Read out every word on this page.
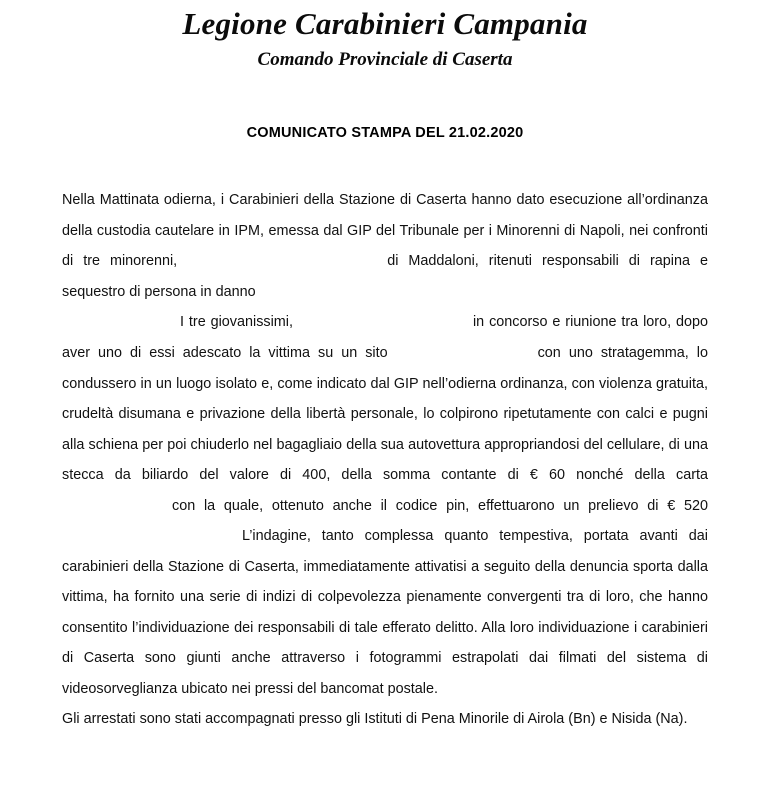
Legione Carabinieri Campania
Comando Provinciale di Caserta
COMUNICATO STAMPA DEL 21.02.2020

Nella Mattinata odierna, i Carabinieri della Stazione di Caserta hanno dato esecuzione all’ordinanza della custodia cautelare in IPM, emessa dal GIP del Tribunale per i Minorenni di Napoli, nei confronti di tre minorenni,	di Maddaloni, ritenuti responsabili di rapina e sequestro di persona in danno

I tre giovanissimi,	in concorso e riunione tra loro, dopo aver uno di essi adescato la vittima su un sito	con uno stratagemma, lo condussero in un luogo isolato e, come indicato dal GIP nell’odierna ordinanza, con violenza gratuita, crudeltà disumana e privazione della libertà personale, lo colpirono ripetutamente con calci e pugni alla schiena per poi chiuderlo nel bagagliaio della sua autovettura appropriandosi del cellulare, di una stecca da biliardo del valore di 400, della somma contante di € 60 nonché della carta con la quale, ottenuto anche il codice pin, effettuarono un prelievo di € 520 L’indagine, tanto complessa quanto tempestiva, portata avanti dai carabinieri della Stazione di Caserta, immediatamente attivatisi a seguito della denuncia sporta dalla vittima, ha fornito una serie di indizi di colpevolezza pienamente convergenti tra di loro, che hanno consentito l’individuazione dei responsabili di tale efferato delitto. Alla loro individuazione i carabinieri di Caserta sono giunti anche attraverso i fotogrammi estrapolati dai filmati del sistema di videosorveglianza ubicato nei pressi del bancomat postale.

Gli arrestati sono stati accompagnati presso gli Istituti di Pena Minorile di Airola (Bn) e Nisida (Na).
